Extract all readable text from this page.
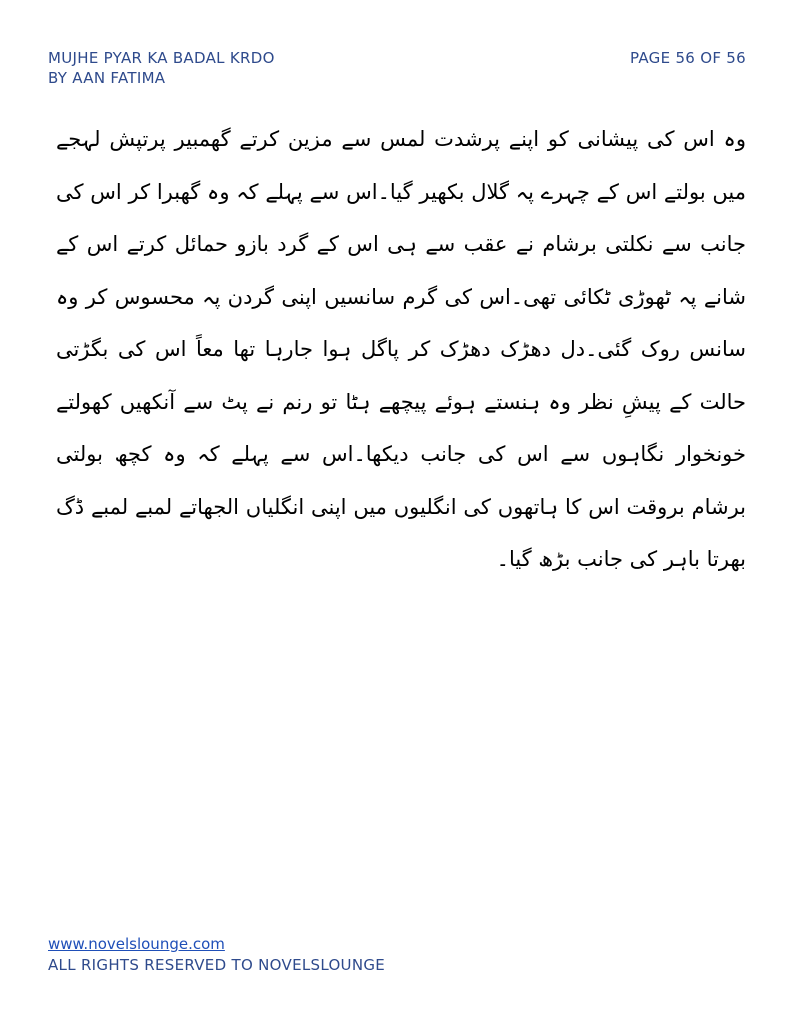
MUJHE PYAR KA BADAL KRDO	PAGE 56 OF 56
BY AAN FATIMA
وہ اس کی پیشانی کو اپنے پرشدت لمس سے مزین کرتے گھمبیر پرتپش لہجے میں بولتے اس کے چہرے پہ گلال بکھیر گیا۔اس سے پہلے کہ وہ گھبرا کر اس کی جانب سے نکلتی برشام نے عقب سے ہی اس کے گرد بازو حمائل کرتے اس کے شانے پہ ٹھوڑی ٹکائی تھی۔اس کی گرم سانسیں اپنی گردن پہ محسوس کر وہ سانس روک گئی۔دل دھڑک دھڑک کر پاگل ہوا جارہا تھا معاً اس کی بگڑتی حالت کے پیشِ نظر وہ ہنستے ہوئے پیچھے ہٹا تو رنم نے پٹ سے آنکھیں کھولتے خونخوار نگاہوں سے اس کی جانب دیکھا۔اس سے پہلے کہ وہ کچھ بولتی برشام بروقت اس کا ہاتھوں کی انگلیوں میں اپنی انگلیاں الجھاتے لمبے لمبے ڈگ بھرتا باہر کی جانب بڑھ گیا۔
www.novelslounge.com
ALL RIGHTS RESERVED TO NOVELSLOUNGE
